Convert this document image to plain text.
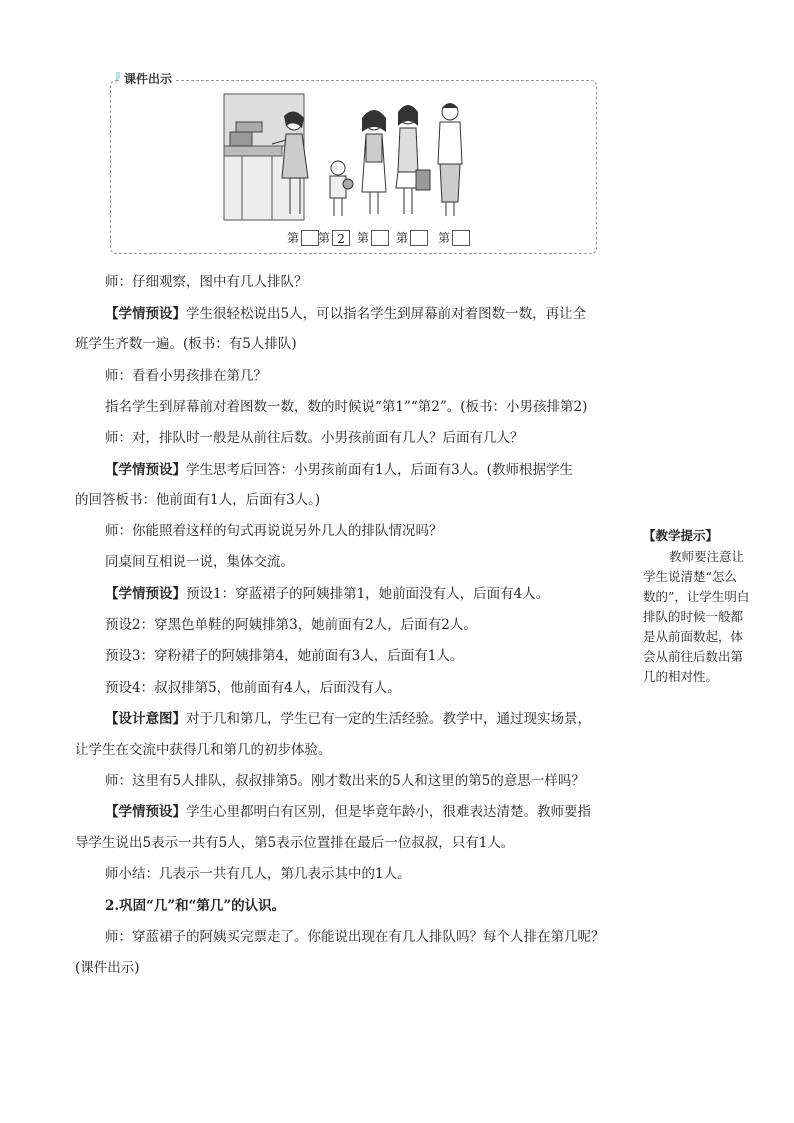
课件出示
第 第 2	第 第 第
师：仔细观察，图中有几人排队？
【学情预设】学生很轻松说出5人，可以指名学生到屏幕前对着图数一数，再让全
班学生齐数一遍。(板书：有5人排队)
师：看看小男孩排在第几？
指名学生到屏幕前对着图数一数，数的时候说“第1”“第2”。(板书：小男孩排第2)
师：对，排队时一般是从前往后数。小男孩前面有几人？后面有几人？
【学情预设】学生思考后回答：小男孩前面有1人，后面有3人。(教师根据学生
的回答板书：他前面有1人，后面有3人。)
师：你能照着这样的句式再说说另外几人的排队情况吗？
同桌间互相说一说，集体交流。
【学情预设】预设1：穿蓝裙子的阿姨排第1，她前面没有人，后面有4人。
预设2：穿黑色单鞋的阿姨排第3，她前面有2人，后面有2人。
预设3：穿粉裙子的阿姨排第4，她前面有3人，后面有1人。
预设4：叔叔排第5，他前面有4人，后面没有人。
【设计意图】对于几和第几，学生已有一定的生活经验。教学中，通过现实场景，
让学生在交流中获得几和第几的初步体验。
师：这里有5人排队，叔叔排第5。刚才数出来的5人和这里的第5的意思一样吗？
【学情预设】学生心里都明白有区别，但是毕竟年龄小，很难表达清楚。教师要指
导学生说出5表示一共有5人，第5表示位置排在最后一位叔叔，只有1人。
师小结：几表示一共有几人，第几表示其中的1人。
2.巩固“几”和“第几”的认识。
师：穿蓝裙子的阿姨买完票走了。你能说出现在有几人排队吗？每个人排在第几呢？
(课件出示)
【教学提示】
教师要注意让
学生说清楚“怎么
数的”，让学生明白
排队的时候一般都
是从前面数起，体
会从前往后数出第
几的相对性。
